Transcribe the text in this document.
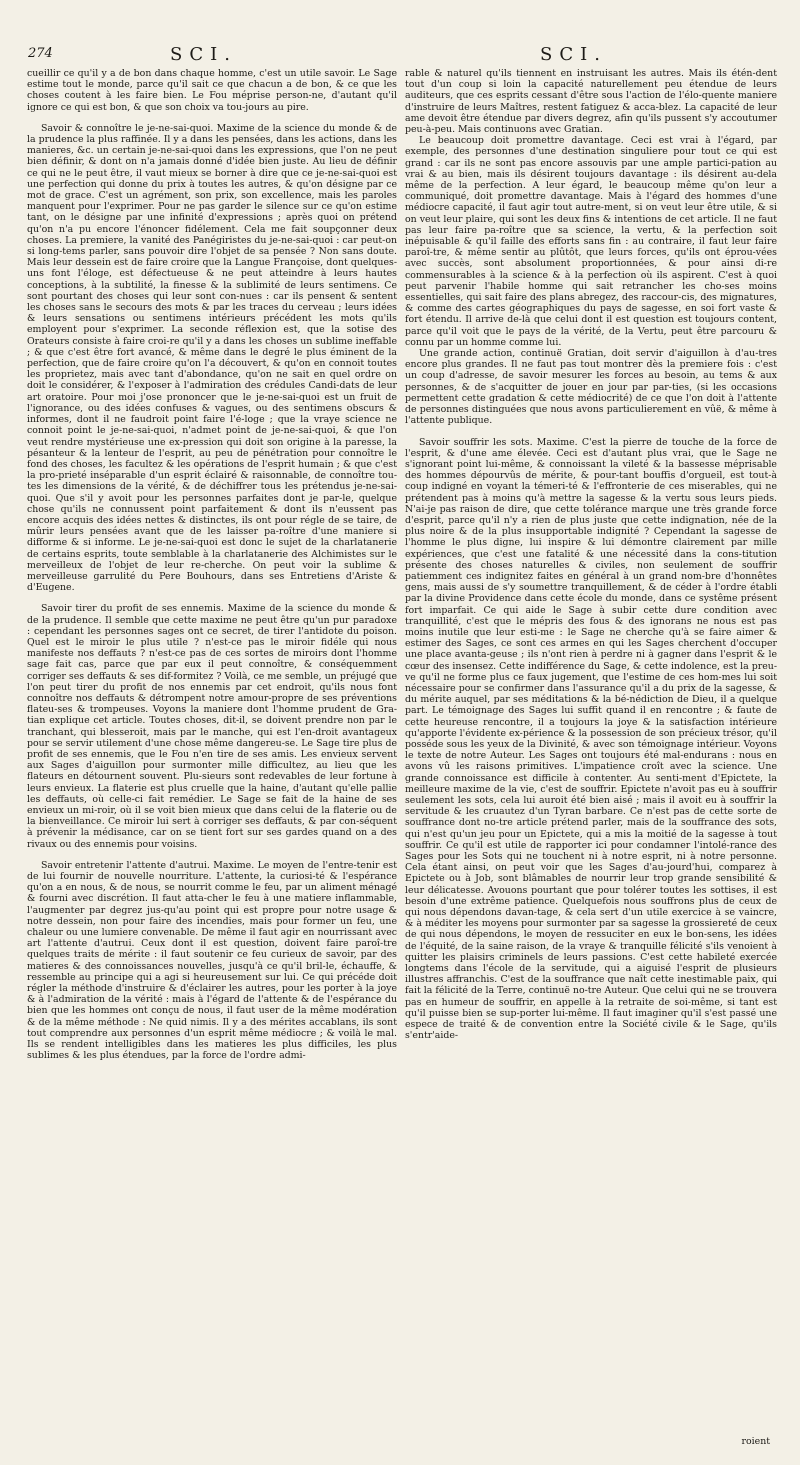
274	SCI.	SCI.

cueillir ce qu'il y a de bon dans chaque homme, c'est un utile savoir. Le Sage estime tout le monde, parce qu'il sait ce que chacun a de bon, & ce que les choses coutent à les faire bien. Le Fou méprise person-ne, d'autant qu'il ignore ce qui est bon, & que son choix va tou-jours au pire.

Savoir & connoître le je-ne-sai-quoi. Maxime de la science du monde & de la prudence la plus raffinée. Il y a dans les pensées, dans les actions, dans les manieres, &c. un certain je-ne-sai-quoi dans les expressions, que l'on ne peut bien définir, & dont on n'a jamais donné d'idée bien juste. Au lieu de définir ce qui ne le peut être, il vaut mieux se borner à dire que ce je-ne-sai-quoi est une perfection qui donne du prix à toutes les autres, & qu'on désigne par ce mot de grace. C'est un agrément, son prix, son excellence, mais les paroles manquent pour l'exprimer. Pour ne pas garder le silence sur ce qu'on estime tant, on le désigne par une infinité d'expressions ; après quoi on prétend qu'on n'a pu encore l'énoncer fidélement. Cela me fait soupçonner deux choses. La premiere, la vanité des Panégiristes du je-ne-sai-quoi : car peut-on si long-tems parler, sans pouvoir dire l'objet de sa pensée ? Non sans doute. Mais leur dessein est de faire croire que la Langue Françoise, dont quelques-uns font l'éloge, est défectueuse & ne peut atteindre à leurs hautes conceptions, à la subtilité, la finesse & la sublimité de leurs sentimens. Ce sont pourtant des choses qui leur sont con-nues : car ils pensent & sentent les choses sans le secours des mots & par les traces du cerveau ; leurs idées & leurs sensations ou sentimens intérieurs précédent les mots qu'ils employent pour s'exprimer. La seconde réflexion est, que la sotise des Orateurs consiste à faire croi-re qu'il y a dans les choses un sublime ineffable ; & que c'est être fort avancé, & même dans le degré le plus éminent de la perfection, que de faire croire qu'on l'a découvert, & qu'on en connoit toutes les proprietez, mais avec tant d'abondance, qu'on ne sait en quel ordre on doit le considérer, & l'exposer à l'admiration des crédules Candi-dats de leur art oratoire. Pour moi j'ose prononcer que le je-ne-sai-quoi est un fruit de l'ignorance, ou des idées confuses & vagues, ou des sentimens obscurs & informes, dont il ne faudroit point faire l'é-loge ; que la vraye science ne connoit point le je-ne-sai-quoi, n'admet point de je-ne-sai-quoi, & que l'on veut rendre mystérieuse une ex-pression qui doit son origine à la paresse, la pésanteur & la lenteur de l'esprit, au peu de pénétration pour connoître le fond des choses, les facultez & les opérations de l'esprit humain ; & que c'est la pro-prieté inséparable d'un esprit éclairé & raisonnable, de connoître tou-tes les dimensions de la vérité, & de déchiffrer tous les prétendus je-ne-sai-quoi. Que s'il y avoit pour les personnes parfaites dont je par-le, quelque chose qu'ils ne connussent point parfaitement & dont ils n'eussent pas encore acquis des idées nettes & distinctes, ils ont pour régle de se taire, de mûrir leurs pensées avant que de les laisser pa-roître d'une maniere si difforme & si informe. Le je-ne-sai-quoi est donc le sujet de la charlatanerie de certains esprits, toute semblable à la charlatanerie des Alchimistes sur le merveilleux de l'objet de leur re-cherche. On peut voir la sublime & merveilleuse garrulité du Pere Bouhours, dans ses Entretiens d'Ariste & d'Eugene.

Savoir tirer du profit de ses ennemis. Maxime de la science du monde & de la prudence. Il semble que cette maxime ne peut être qu'un pur paradoxe : cependant les personnes sages ont ce secret, de tirer l'antidote du poison. Quel est le miroir le plus utile ? n'est-ce pas le miroir fidéle qui nous manifeste nos deffauts ? n'est-ce pas de ces sortes de miroirs dont l'homme sage fait cas, parce que par eux il peut connoître, & conséquemment corriger ses deffauts & ses dif-formitez ? Voilà, ce me semble, un préjugé que l'on peut tirer du profit de nos ennemis par cet endroit, qu'ils nous font connoître nos deffauts & détrompent notre amour-propre de ses préventions flateu-ses & trompeuses. Voyons la maniere dont l'homme prudent de Gra-tian explique cet article. Toutes choses, dit-il, se doivent prendre non par le tranchant, qui blesseroit, mais par le manche, qui est l'en-droit avantageux pour se servir utilement d'une chose même dangereu-se. Le Sage tire plus de profit de ses ennemis, que le Fou n'en tire de ses amis. Les envieux servent aux Sages d'aiguillon pour surmonter mille difficultez, au lieu que les flateurs en détournent souvent. Plu-sieurs sont redevables de leur fortune à leurs envieux. La flaterie est plus cruelle que la haine, d'autant qu'elle pallie les deffauts, où celle-ci fait remédier. Le Sage se fait de la haine de ses envieux un mi-roir, où il se voit bien mieux que dans celui de la flaterie ou de la bienveillance. Ce miroir lui sert à corriger ses deffauts, & par con-séquent à prévenir la médisance, car on se tient fort sur ses gardes quand on a des rivaux ou des ennemis pour voisins.

Savoir entretenir l'attente d'autrui. Maxime. Le moyen de l'entre-tenir est de lui fournir de nouvelle nourriture. L'attente, la curiosi-té & l'espérance qu'on a en nous, & de nous, se nourrit comme le feu, par un aliment ménagé & fourni avec discrétion. Il faut atta-cher le feu à une matiere inflammable, l'augmenter par degrez jus-qu'au point qui est propre pour notre usage & notre dessein, non pour faire des incendies, mais pour former un feu, une chaleur ou une lumiere convenable. De même il faut agir en nourrissant avec art l'attente d'autrui. Ceux dont il est question, doivent faire paroî-tre quelques traits de mérite : il faut soutenir ce feu curieux de savoir, par des matieres & des connoissances nouvelles, jusqu'à ce qu'il bril-le, échauffe, & ressemble au principe qui a agi si heureusement sur lui. Ce qui précéde doit régler la méthode d'instruire & d'éclairer les autres, pour les porter à la joye & à l'admiration de la vérité : mais à l'égard de l'attente & de l'espérance du bien que les hommes ont conçu de nous, il faut user de la même modération & de la même méthode : Ne quid nimis. Il y a des mérites accablans, ils sont tout comprendre aux personnes d'un esprit même médiocre ; & voilà le mal. Ils se rendent intelligibles dans les matieres les plus difficiles, les plus sublimes & les plus étendues, par la force de l'ordre admi-

rable & naturel qu'ils tiennent en instruisant les autres. Mais ils étén-dent tout d'un coup si loin la capacité naturellement peu étendue de leurs auditeurs, que ces esprits cessant d'être sous l'action de l'élo-quente maniere d'instruire de leurs Maîtres, restent fatiguez & acca-blez. La capacité de leur ame devoit être étendue par divers degrez, afin qu'ils pussent s'y accoutumer peu-à-peu. Mais continuons avec Gratian.

Le beaucoup doit promettre davantage. Ceci est vrai à l'égard, par exemple, des personnes d'une destination singuliere pour tout ce qui est grand : car ils ne sont pas encore assouvis par une ample partici-pation au vrai & au bien, mais ils désirent toujours davantage : ils désirent au-dela même de la perfection. A leur égard, le beaucoup même qu'on leur a communiqué, doit promettre davantage. Mais à l'égard des hommes d'une médiocre capacité, il faut agir tout autre-ment, si on veut leur être utile, & si on veut leur plaire, qui sont les deux fins & intentions de cet article. Il ne faut pas leur faire pa-roître que sa science, la vertu, & la perfection soit inépuisable & qu'il faille des efforts sans fin : au contraire, il faut leur faire paroî-tre, & même sentir au plûtôt, que leurs forces, qu'ils ont éprou-vées avec succès, sont absolument proportionnées, & pour ainsi di-re commensurables à la science & à la perfection où ils aspirent. C'est à quoi peut parvenir l'habile homme qui sait retrancher les cho-ses moins essentielles, qui sait faire des plans abregez, des raccour-cis, des mignatures, & comme des cartes géographiques du pays de sagesse, en soi fort vaste & fort étendu. Il arrive de-là que celui dont il est question est toujours content, parce qu'il voit que le pays de la vérité, de la Vertu, peut être parcouru & connu par un homme comme lui.

Une grande action, continuë Gratian, doit servir d'aiguillon à d'au-tres encore plus grandes. Il ne faut pas tout montrer dès la premiere fois : c'est un coup d'adresse, de savoir mesurer les forces au besoin, au tems & aux personnes, & de s'acquitter de jouer en jour par par-ties, (si les occasions permettent cette gradation & cette médiocrité) de ce que l'on doit à l'attente de personnes distinguées que nous avons particulierement en vûë, & même à l'attente publique.

Savoir souffrir les sots. Maxime. C'est la pierre de touche de la force de l'esprit, & d'une ame élevée. Ceci est d'autant plus vrai, que le Sage ne s'ignorant point lui-même, & connoissant la vileté & la bassesse méprisable des hommes dépourvûs de mérite, & pour-tant bouffis d'orgueil, est tout-à coup indigné en voyant la témeri-té & l'effronterie de ces miserables, qui ne prétendent pas à moins qu'à mettre la sagesse & la vertu sous leurs pieds. N'ai-je pas raison de dire, que cette tolérance marque une très grande force d'esprit, parce qu'il n'y a rien de plus juste que cette indignation, née de la plus noire & de la plus insupportable indignité ? Cependant la sagesse de l'homme le plus digne, lui inspire & lui démontre clairement par mille expériences, que c'est une fatalité & une nécessité dans la cons-titution présente des choses naturelles & civiles, non seulement de souffrir patiemment ces indignitez faites en général à un grand nom-bre d'honnêtes gens, mais aussi de s'y soumettre tranquillement, & de céder à l'ordre établi par la divine Providence dans cette école du monde, dans ce systême présent fort imparfait. Ce qui aide le Sage à subir cette dure condition avec tranquillité, c'est que le mépris des fous & des ignorans ne nous est pas moins inutile que leur esti-me : le Sage ne cherche qu'à se faire aimer & estimer des Sages, ce sont ces armes en qui les Sages cherchent d'occuper une place avanta-geuse ; ils n'ont rien à perdre ni à gagner dans l'esprit & le cœur des insensez. Cette indifférence du Sage, & cette indolence, est la preu-ve qu'il ne forme plus ce faux jugement, que l'estime de ces hom-mes lui soit nécessaire pour se confirmer dans l'assurance qu'il a du prix de la sagesse, & du mérite auquel, par ses méditations & la bé-nédiction de Dieu, il a quelque part. Le témoignage des Sages lui suffit quand il en rencontre ; & faute de cette heureuse rencontre, il a toujours la joye & la satisfaction intérieure qu'apporte l'évidente ex-périence & la possession de son précieux trésor, qu'il posséde sous les yeux de la Divinité, & avec son témoignage intérieur. Voyons le texte de notre Auteur. Les Sages ont toujours été mal-endurans : nous en avons vû les raisons primitives. L'impatience croît avec la science. Une grande connoissance est difficile à contenter. Au senti-ment d'Epictete, la meilleure maxime de la vie, c'est de souffrir. Epictete n'avoit pas eu à souffrir seulement les sots, cela lui auroit été bien aisé ; mais il avoit eu à souffrir la servitude & les cruautez d'un Tyran barbare. Ce n'est pas de cette sorte de souffrance dont no-tre article prétend parler, mais de la souffrance des sots, qui n'est qu'un jeu pour un Epictete, qui a mis la moitié de la sagesse à tout souffrir. Ce qu'il est utile de rapporter ici pour condamner l'intolé-rance des Sages pour les Sots qui ne touchent ni à notre esprit, ni à notre personne. Cela étant ainsi, on peut voir que les Sages d'au-jourd'hui, comparez à Epictete ou à Job, sont blâmables de nourrir leur trop grande sensibilité & leur délicatesse. Avouons pourtant que pour tolérer toutes les sottises, il est besoin d'une extrême patience. Quelquefois nous souffrons plus de ceux de qui nous dépendons davan-tage, & cela sert d'un utile exercice à se vaincre, & à méditer les moyens pour surmonter par sa sagesse la grossiereté de ceux de qui nous dépendons, le moyen de ressuciter en eux le bon-sens, les idées de l'équité, de la saine raison, de la vraye & tranquille félicité s'ils venoient à quitter les plaisirs criminels de leurs passions. C'est cette habileté exercée longtems dans l'école de la servitude, qui a aiguisé l'esprit de plusieurs illustres affranchis. C'est de la souffrance que naît cette inestimable paix, qui fait la félicité de la Terre, continuë no-tre Auteur. Que celui qui ne se trouvera pas en humeur de souffrir, en appelle à la retraite de soi-même, si tant est qu'il puisse bien se sup-porter lui-même. Il faut imaginer qu'il s'est passé une espece de traité & de convention entre la Société civile & le Sage, qu'ils s'entr'aide-

roient
